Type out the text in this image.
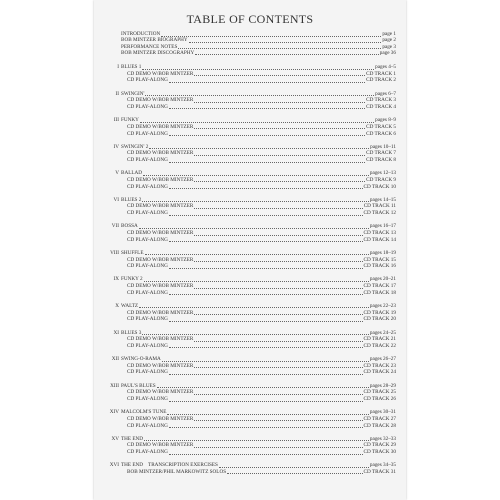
TABLE OF CONTENTS
INTRODUCTION	page 1
BOB MINTZER BIOGRAPHY	page 2
PERFORMANCE NOTES	page 3
BOB MINTZER DISCOGRAPHY	page 36
I BLUES 1	pages 4–5
CD DEMO W/BOB MINTZER	CD TRACK 1
CD PLAY-ALONG	CD TRACK 2
II SWINGIN'	pages 6–7
CD DEMO W/BOB MINTZER	CD TRACK 3
CD PLAY-ALONG	CD TRACK 4
III FUNKY	pages 8–9
CD DEMO W/BOB MINTZER	CD TRACK 5
CD PLAY-ALONG	CD TRACK 6
IV SWINGIN' 2	pages 10–11
CD DEMO W/BOB MINTZER	CD TRACK 7
CD PLAY-ALONG	CD TRACK 8
V BALLAD	pages 12–13
CD DEMO W/BOB MINTZER	CD TRACK 9
CD PLAY-ALONG	CD TRACK 10
VI BLUES 2	pages 14–15
CD DEMO W/BOB MINTZER	CD TRACK 11
CD PLAY-ALONG	CD TRACK 12
VII BOSSA	pages 16–17
CD DEMO W/BOB MINTZER	CD TRACK 13
CD PLAY-ALONG	CD TRACK 14
VIII SHUFFLE	pages 18–19
CD DEMO W/BOB MINTZER	CD TRACK 15
CD PLAY-ALONG	CD TRACK 16
IX FUNKY 2	pages 20–21
CD DEMO W/BOB MINTZER	CD TRACK 17
CD PLAY-ALONG	CD TRACK 18
X WALTZ	pages 22–23
CD DEMO W/BOB MINTZER	CD TRACK 19
CD PLAY-ALONG	CD TRACK 20
XI BLUES 3	pages 24–25
CD DEMO W/BOB MINTZER	CD TRACK 21
CD PLAY-ALONG	CD TRACK 22
XII SWING-O-RAMA	pages 26–27
CD DEMO W/BOB MINTZER	CD TRACK 23
CD PLAY-ALONG	CD TRACK 24
XIII PAUL'S BLUES	pages 28–29
CD DEMO W/BOB MINTZER	CD TRACK 25
CD PLAY-ALONG	CD TRACK 26
XIV MALCOLM'S TUNE	pages 30–31
CD DEMO W/BOB MINTZER	CD TRACK 27
CD PLAY-ALONG	CD TRACK 28
XV THE END	pages 32–33
CD DEMO W/BOB MINTZER	CD TRACK 29
CD PLAY-ALONG	CD TRACK 30
XVI THE END TRANSCRIPTION EXERCISES	pages 34–35
BOB MINTZER/PHIL MARKOWITZ SOLOS	CD TRACK 31
